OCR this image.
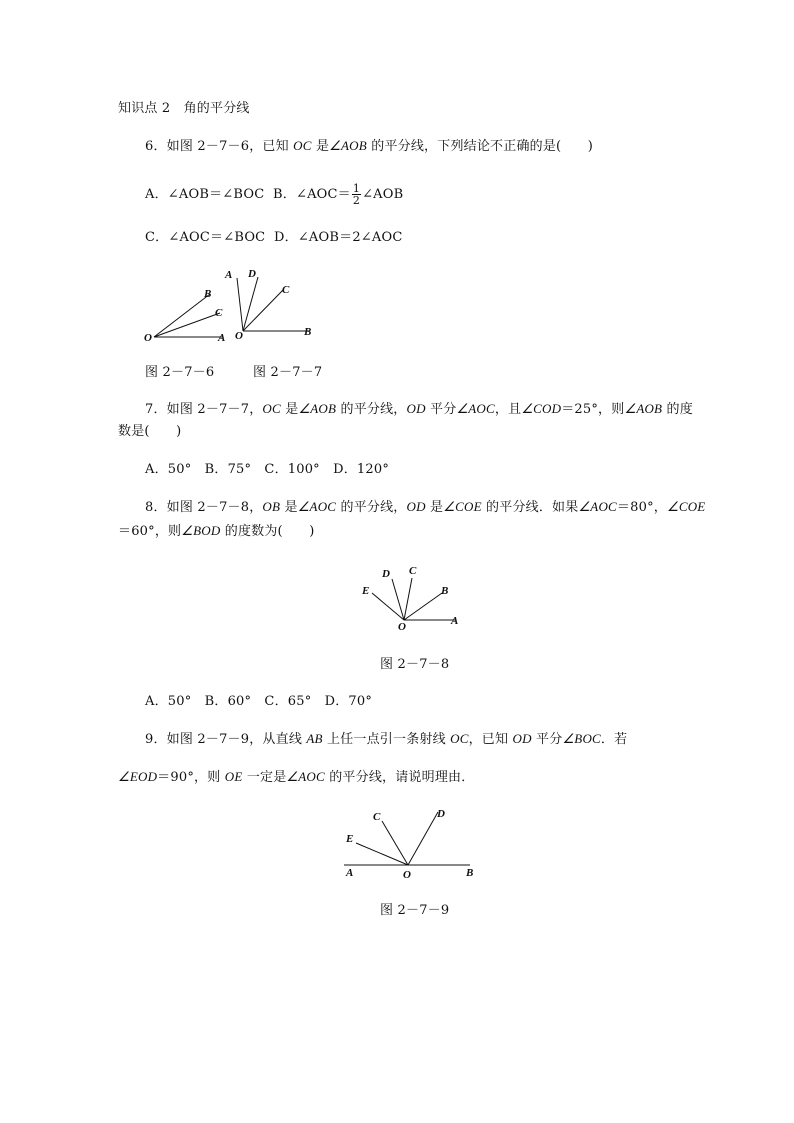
知识点 2　角的平分线
6．如图 2－7－6，已知 OC 是∠AOB 的平分线，下列结论不正确的是(　　)
A．∠AOB＝∠BOC B．∠AOC＝ $\frac{1}{2}$ ∠AOB
C．∠AOC＝∠BOC D．∠AOB＝2∠AOC
O	A
B
C
O
A D
C
B
图 2－7－6	图 2－7－7
7．如图 2－7－7，OC 是∠AOB 的平分线，OD 平分∠AOC，且∠COD＝25°，则∠AOB 的度
数是(　　)
A．50°　B．75°　C．100°　D．120°
8．如图 2－7－8，OB 是∠AOC 的平分线，OD 是∠COE 的平分线．如果∠AOC＝80°，∠COE
＝60°，则∠BOD 的度数为(　　)
O	A
B
C
D
E
图 2－7－8
A．50°　B．60°　C．65°　D．70°
9．如图 2－7－9，从直线 AB 上任一点引一条射线 OC，已知 OD 平分∠BOC．若
∠EOD＝90°，则 OE 一定是∠AOC 的平分线，请说明理由．
O
A	B
C	D
E
图 2－7－9
